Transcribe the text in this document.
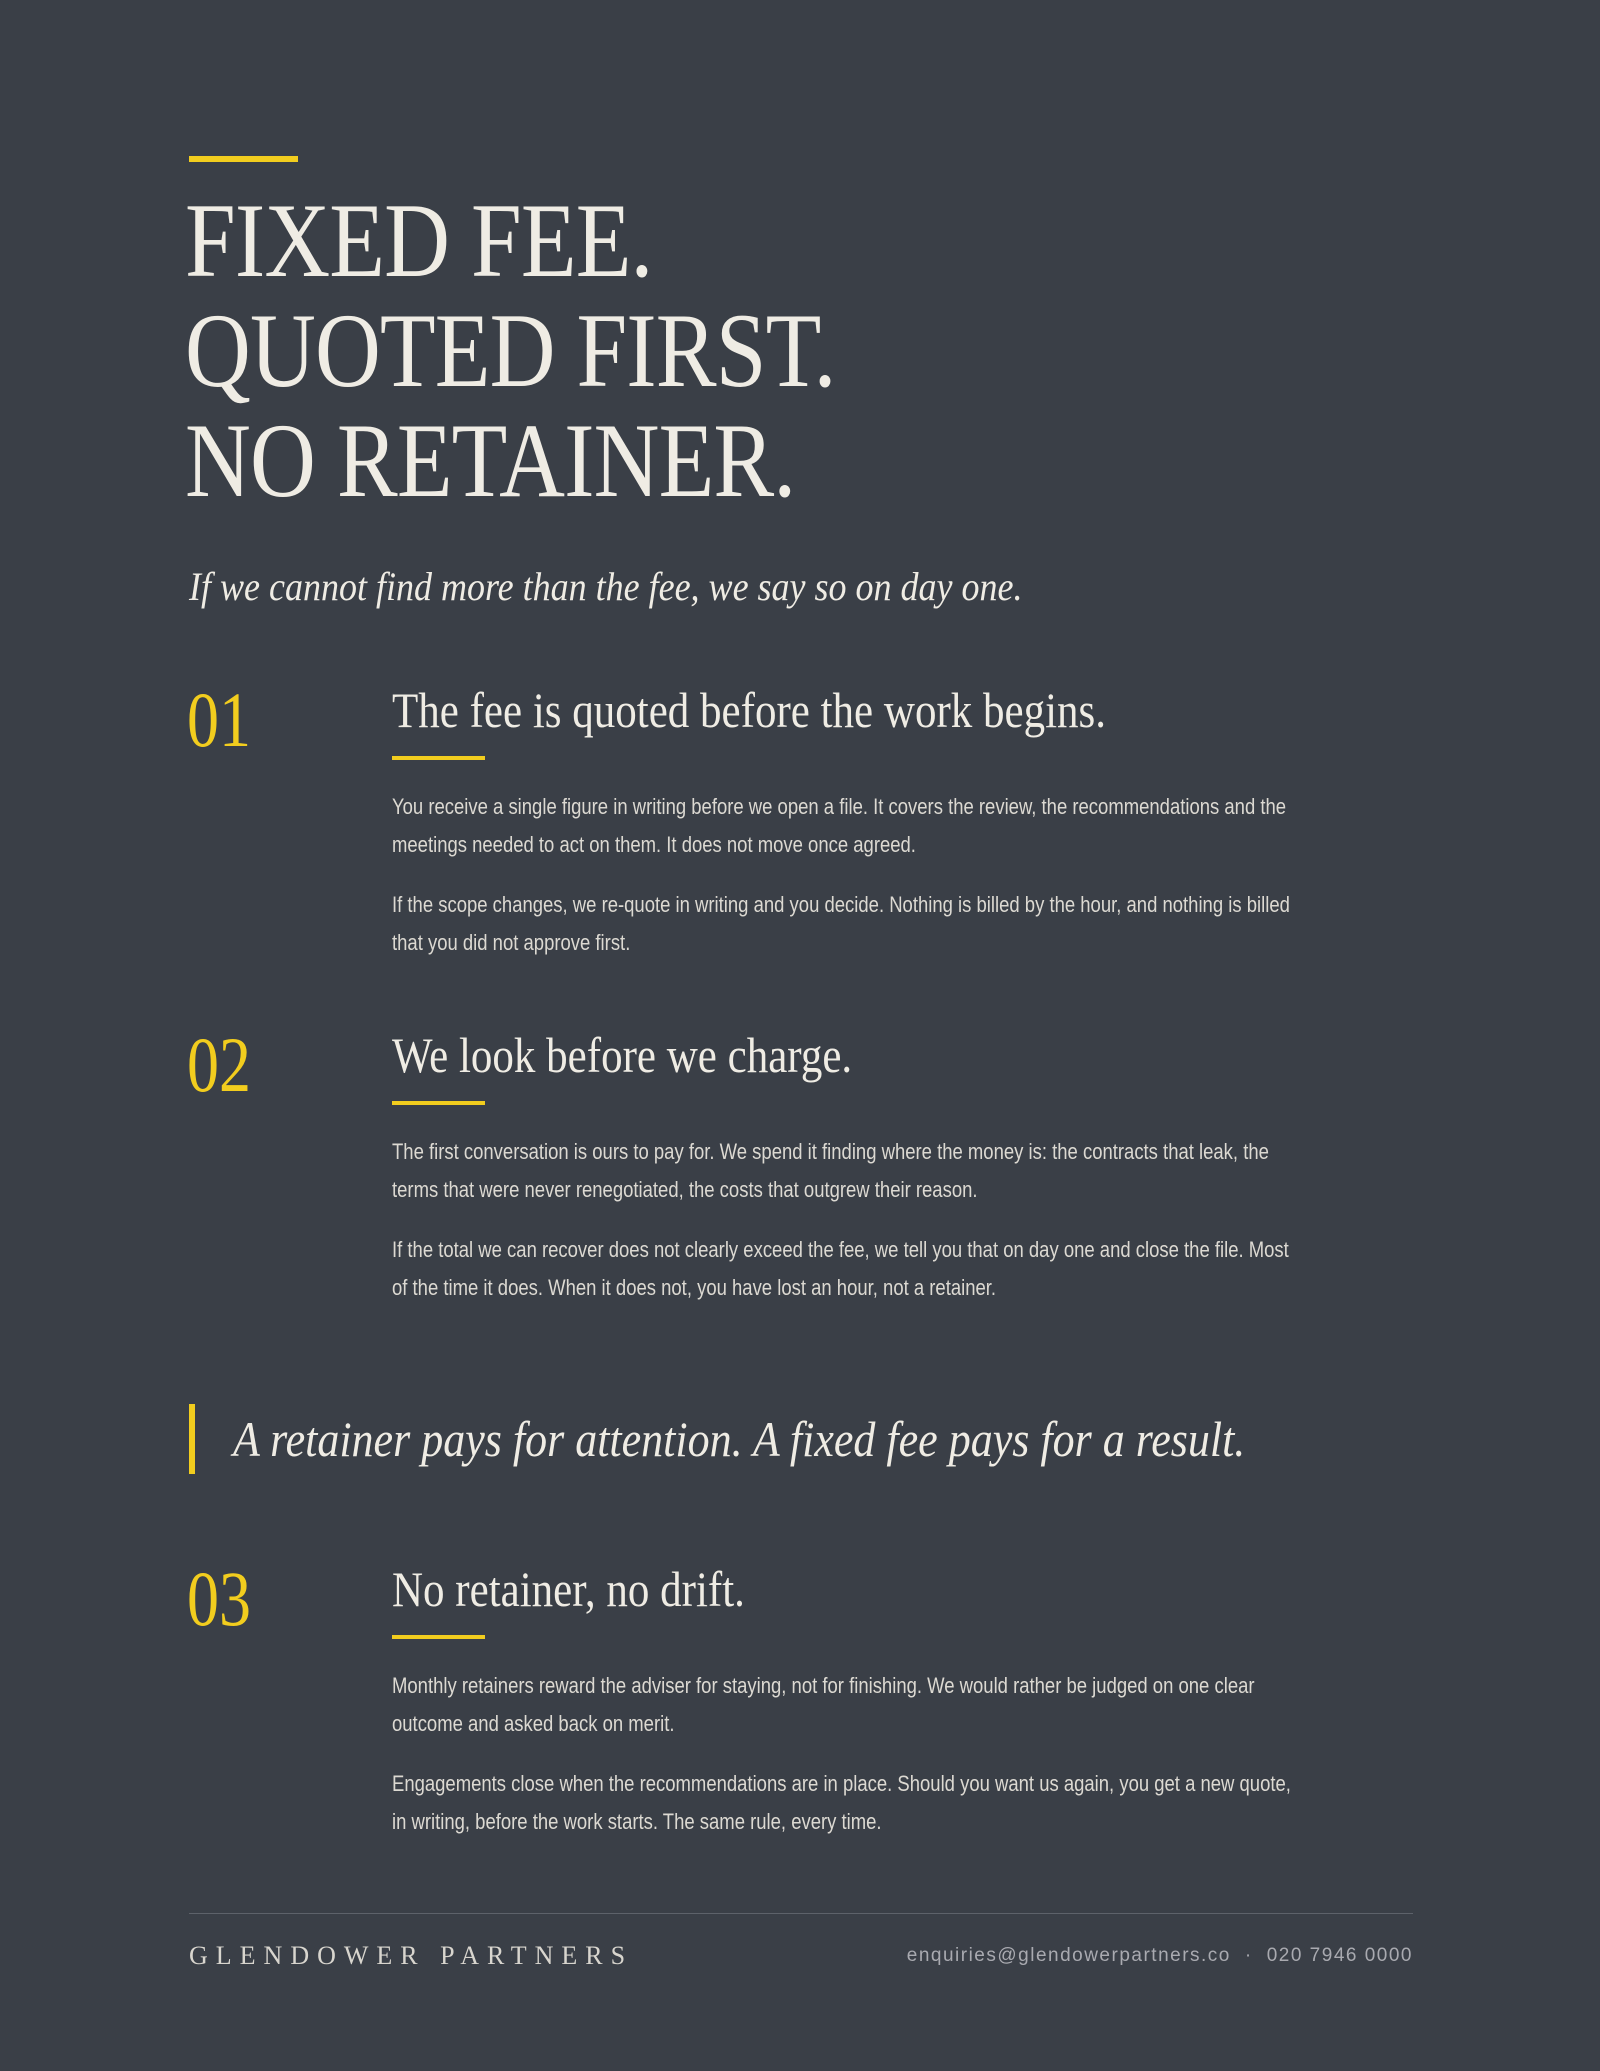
FIXED FEE.
QUOTED FIRST.
NO RETAINER.
If we cannot find more than the fee, we say so on day one.
01	The fee is quoted before the work begins.

You receive a single figure in writing before we open a file. It covers the review, the recommendations and the meetings needed to act on them. It does not move once agreed.

If the scope changes, we re-quote in writing and you decide. Nothing is billed by the hour, and nothing is billed that you did not approve first.

02	We look before we charge.

The first conversation is ours to pay for. We spend it finding where the money is: the contracts that leak, the terms that were never renegotiated, the costs that outgrew their reason.

If the total we can recover does not clearly exceed the fee, we tell you that on day one and close the file. Most of the time it does. When it does not, you have lost an hour, not a retainer.

A retainer pays for attention. A fixed fee pays for a result.
03	No retainer, no drift.

Monthly retainers reward the adviser for staying, not for finishing. We would rather be judged on one clear outcome and asked back on merit.

Engagements close when the recommendations are in place. Should you want us again, you get a new quote, in writing, before the work starts. The same rule, every time.

GLENDOWER PARTNERS	enquiries@glendowerpartners.co · 020 7946 0000
